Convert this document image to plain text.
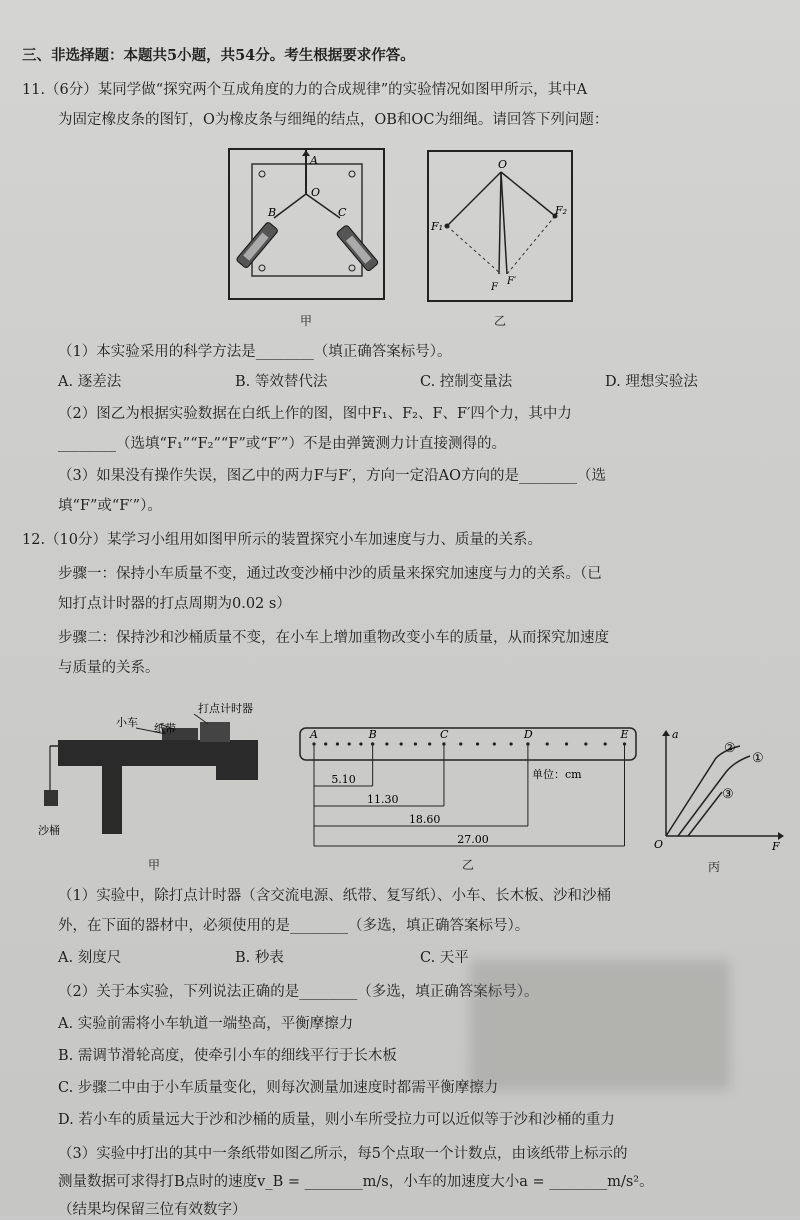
三、非选择题：本题共5小题，共54分。考生根据要求作答。
11.（6分）某同学做“探究两个互成角度的力的合成规律”的实验情况如图甲所示，其中A
为固定橡皮条的图钉，O为橡皮条与细绳的结点，OB和OC为细绳。请回答下列问题：
A
O
B	C
甲
O
F₁
F₂
F
F′
乙
（1）本实验采用的科学方法是________（填正确答案标号）。
A. 逐差法	B. 等效替代法	C. 控制变量法	D. 理想实验法
（2）图乙为根据实验数据在白纸上作的图，图中F₁、F₂、F、F′四个力，其中力
________（选填“F₁”“F₂”“F”或“F′”）不是由弹簧测力计直接测得的。
（3）如果没有操作失误，图乙中的两力F与F′，方向一定沿AO方向的是________（选
填“F”或“F′”）。
12.（10分）某学习小组用如图甲所示的装置探究小车加速度与力、质量的关系。
步骤一：保持小车质量不变，通过改变沙桶中沙的质量来探究加速度与力的关系。（已
知打点计时器的打点周期为0.02 s）
步骤二：保持沙和沙桶质量不变，在小车上增加重物改变小车的质量，从而探究加速度
与质量的关系。
小车 纸带
打点计时器
沙桶
甲
A	B	C	D	E
5.10
11.30
18.60
27.00
单位：cm
乙
a
F
O
①
②
③
丙
（1）实验中，除打点计时器（含交流电源、纸带、复写纸）、小车、长木板、沙和沙桶
外，在下面的器材中，必须使用的是________（多选，填正确答案标号）。
A. 刻度尺	B. 秒表	C. 天平
（2）关于本实验，下列说法正确的是________（多选，填正确答案标号）。
A. 实验前需将小车轨道一端垫高，平衡摩擦力
B. 需调节滑轮高度，使牵引小车的细线平行于长木板
C. 步骤二中由于小车质量变化，则每次测量加速度时都需平衡摩擦力
D. 若小车的质量远大于沙和沙桶的质量，则小车所受拉力可以近似等于沙和沙桶的重力
（3）实验中打出的其中一条纸带如图乙所示，每5个点取一个计数点，由该纸带上标示的
测量数据可求得打B点时的速度v_B = ________m/s，小车的加速度大小a = ________m/s²。
（结果均保留三位有效数字）
